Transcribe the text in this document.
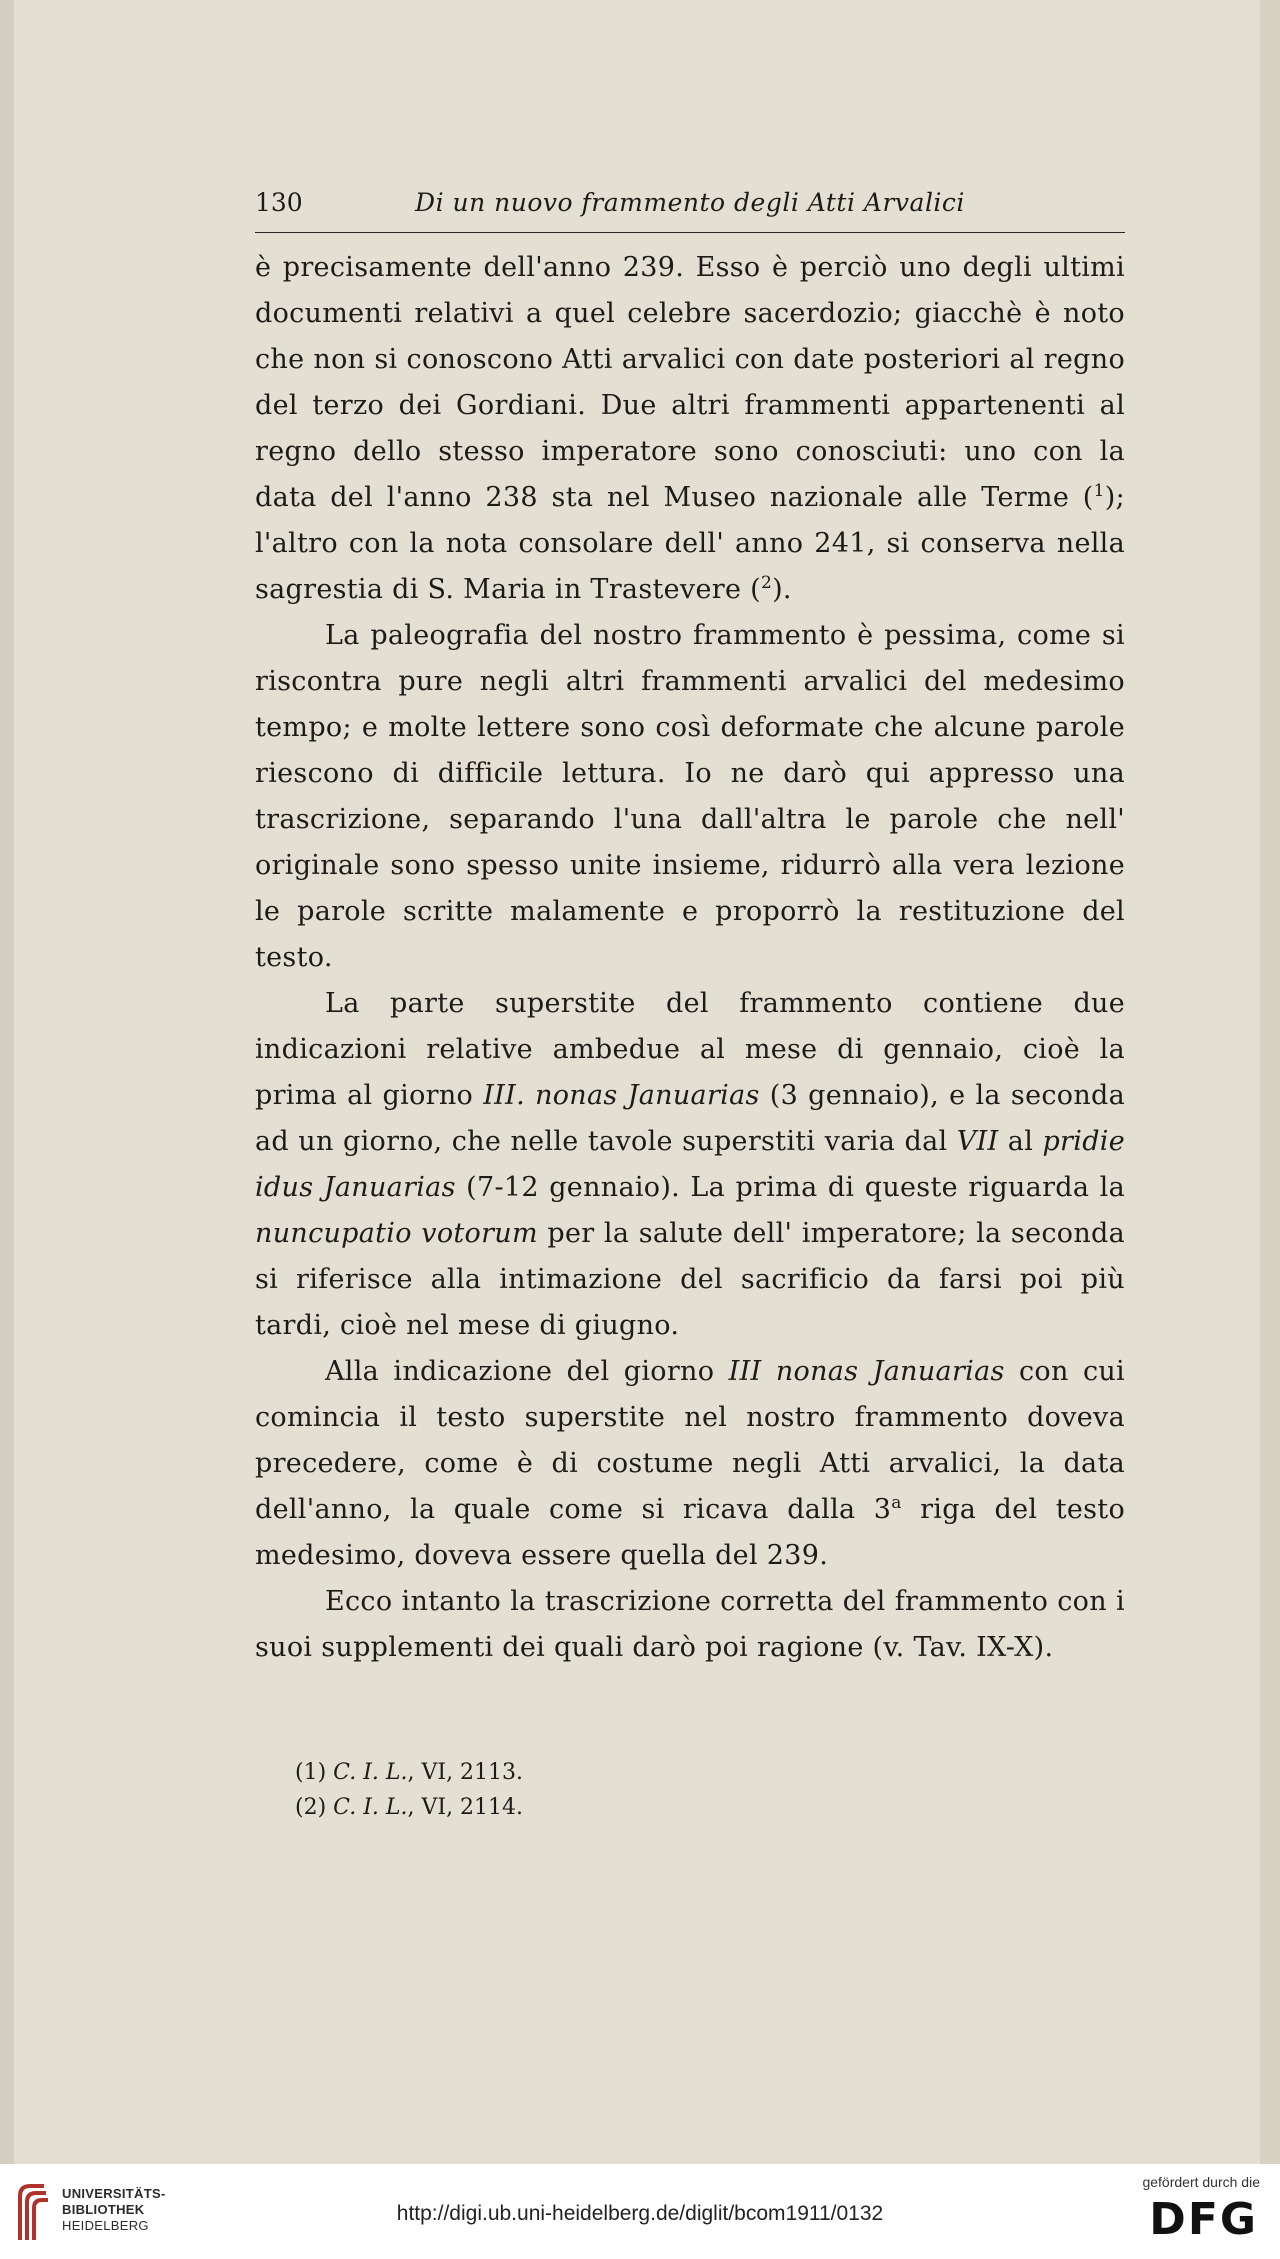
130	Di un nuovo frammento degli Atti Arvalici

è precisamente dell'anno 239. Esso è perciò uno degli ultimi documenti relativi a quel celebre sacerdozio; giacchè è noto che non si conoscono Atti arvalici con date posteriori al regno del terzo dei Gordiani. Due altri frammenti appartenenti al regno dello stesso imperatore sono conosciuti: uno con la data del l'anno 238 sta nel Museo nazionale alle Terme ($^1$); l'altro con la nota consolare dell' anno 241, si conserva nella sagrestia di S. Maria in Trastevere ($^2$).

La paleografia del nostro frammento è pessima, come si riscontra pure negli altri frammenti arvalici del medesimo tempo; e molte lettere sono così deformate che alcune parole riescono di difficile lettura. Io ne darò qui appresso una trascrizione, separando l'una dall'altra le parole che nell' originale sono spesso unite insieme, ridurrò alla vera lezione le parole scritte malamente e proporrò la restituzione del testo.

La parte superstite del frammento contiene due indicazioni relative ambedue al mese di gennaio, cioè la prima al giorno III. nonas Januarias (3 gennaio), e la seconda ad un giorno, che nelle tavole superstiti varia dal VII al pridie idus Januarias (7-12 gennaio). La prima di queste riguarda la nuncupatio votorum per la salute dell' imperatore; la seconda si riferisce alla intimazione del sacrificio da farsi poi più tardi, cioè nel mese di giugno.

Alla indicazione del giorno III nonas Januarias con cui comincia il testo superstite nel nostro frammento doveva precedere, come è di costume negli Atti arvalici, la data dell'anno, la quale come si ricava dalla 3$^a$ riga del testo medesimo, doveva essere quella del 239.

Ecco intanto la trascrizione corretta del frammento con i suoi supplementi dei quali darò poi ragione (v. Tav. IX-X).

(1) C. I. L., VI, 2113.
(2) C. I. L., VI, 2114.
UNIVERSITÄTS-
BIBLIOTHEK
HEIDELBERG
http://digi.ub.uni-heidelberg.de/diglit/bcom1911/0132
gefördert durch die
DFG
